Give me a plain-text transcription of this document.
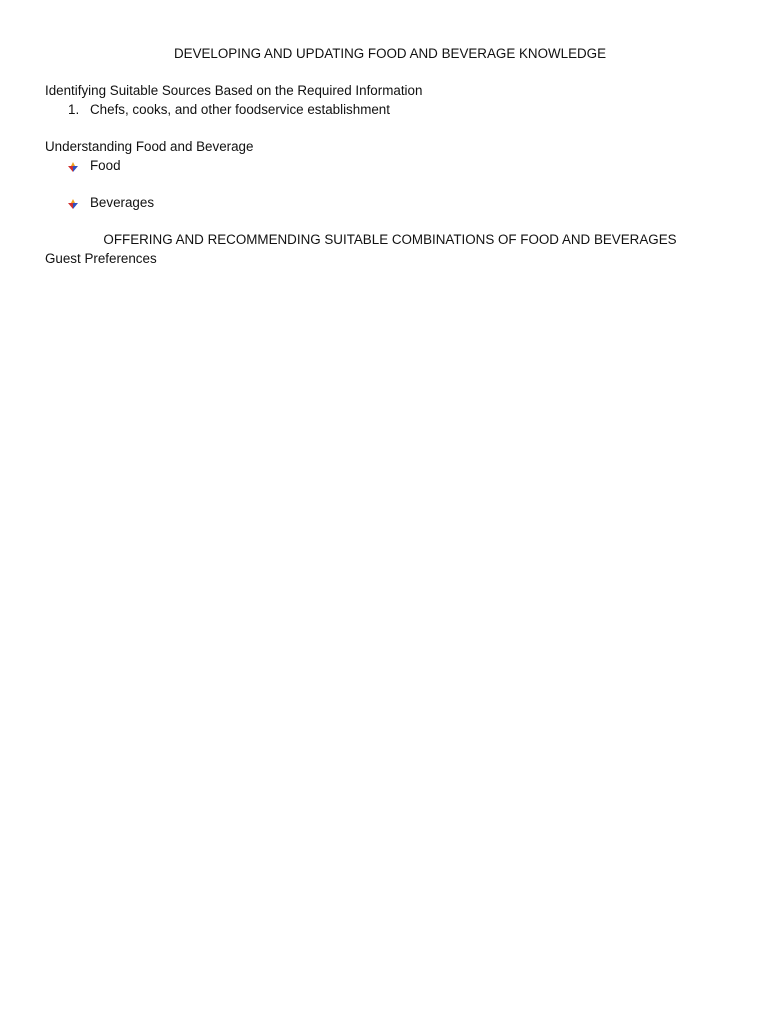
DEVELOPING AND UPDATING FOOD AND BEVERAGE KNOWLEDGE
Identifying Suitable Sources Based on the Required Information
1. Chefs, cooks, and other foodservice establishment
Understanding Food and Beverage
Food
Beverages
OFFERING AND RECOMMENDING SUITABLE COMBINATIONS OF FOOD AND BEVERAGES
Guest Preferences
